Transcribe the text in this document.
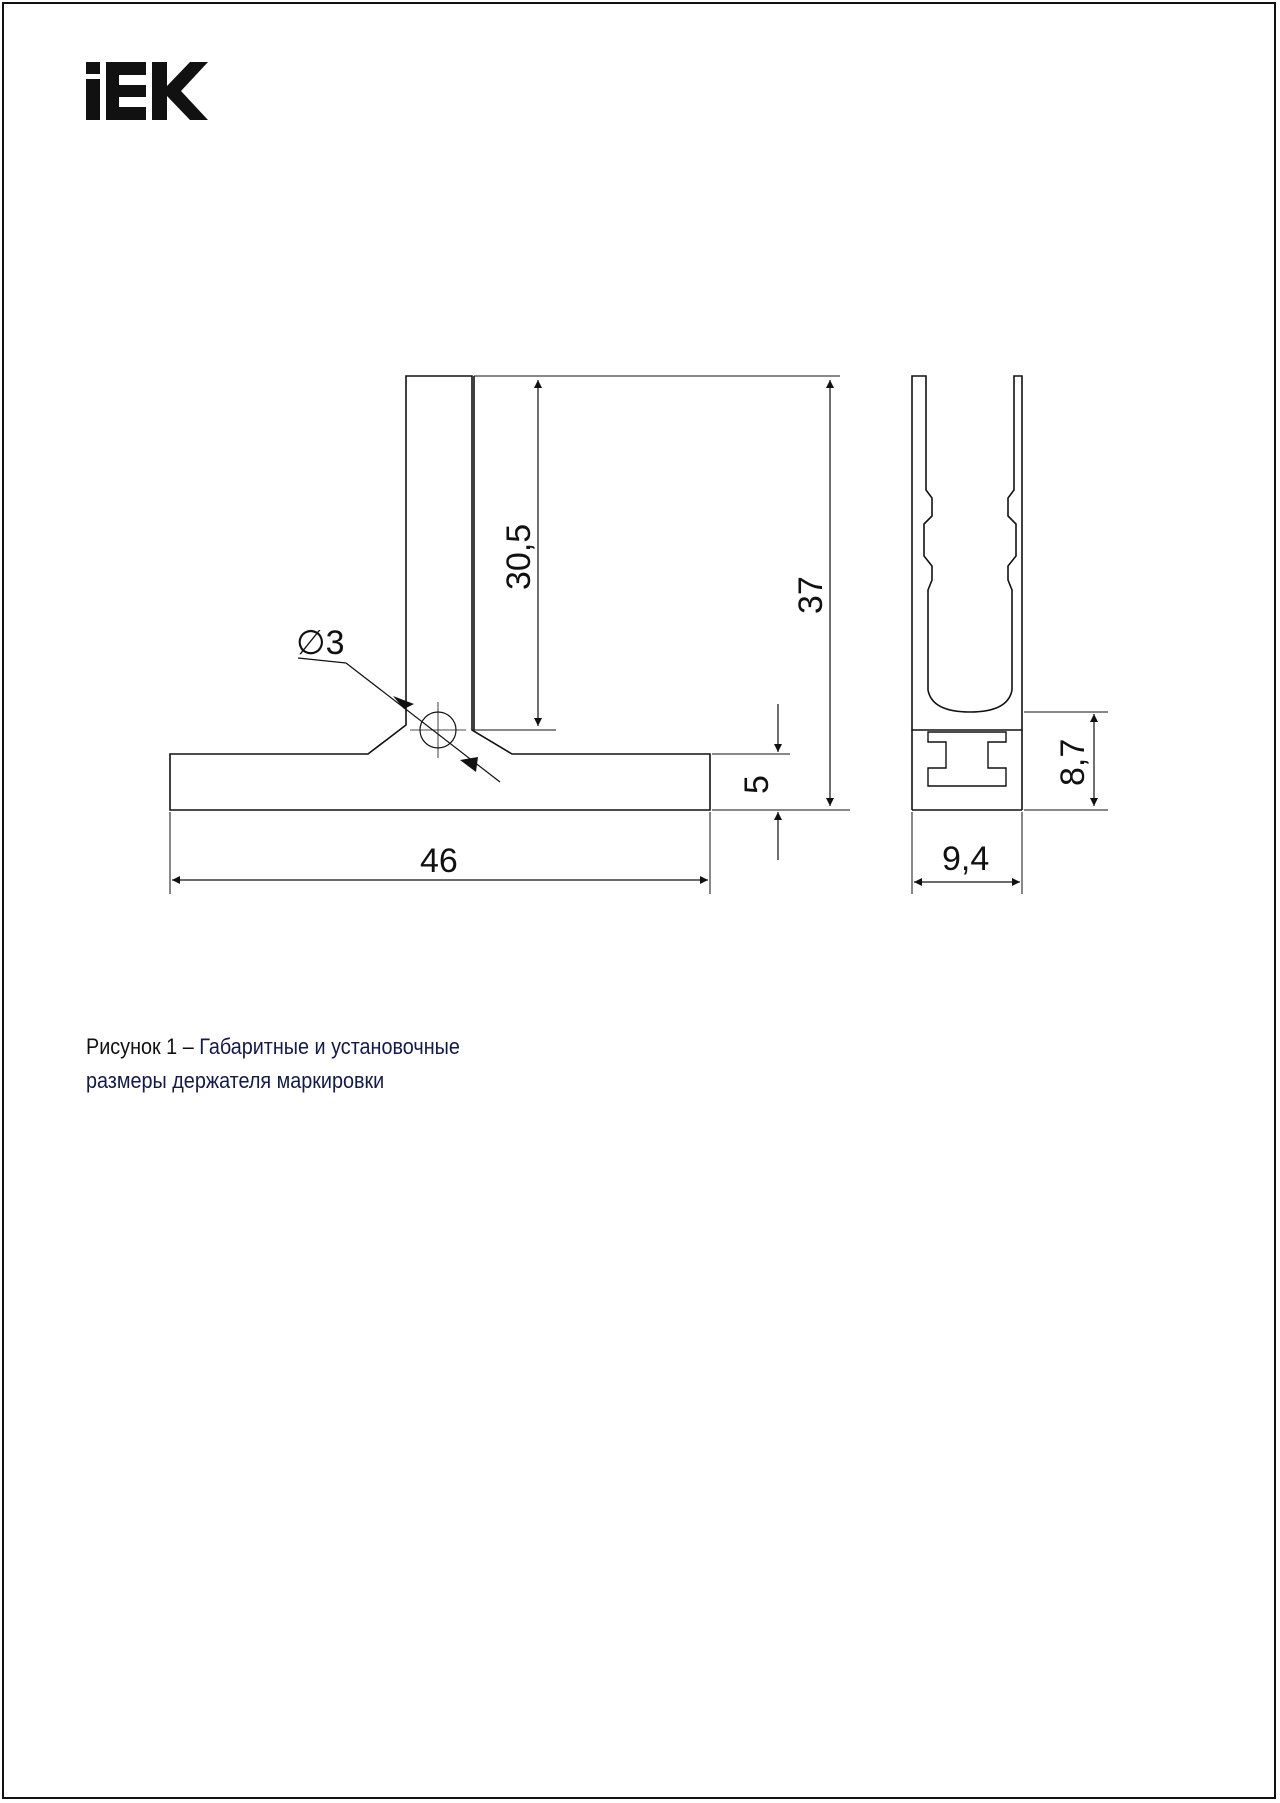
∅3
30,5
37
5
46
8,7
9,4
Рисунок 1 – Габаритные и установочные
размеры держателя маркировки
